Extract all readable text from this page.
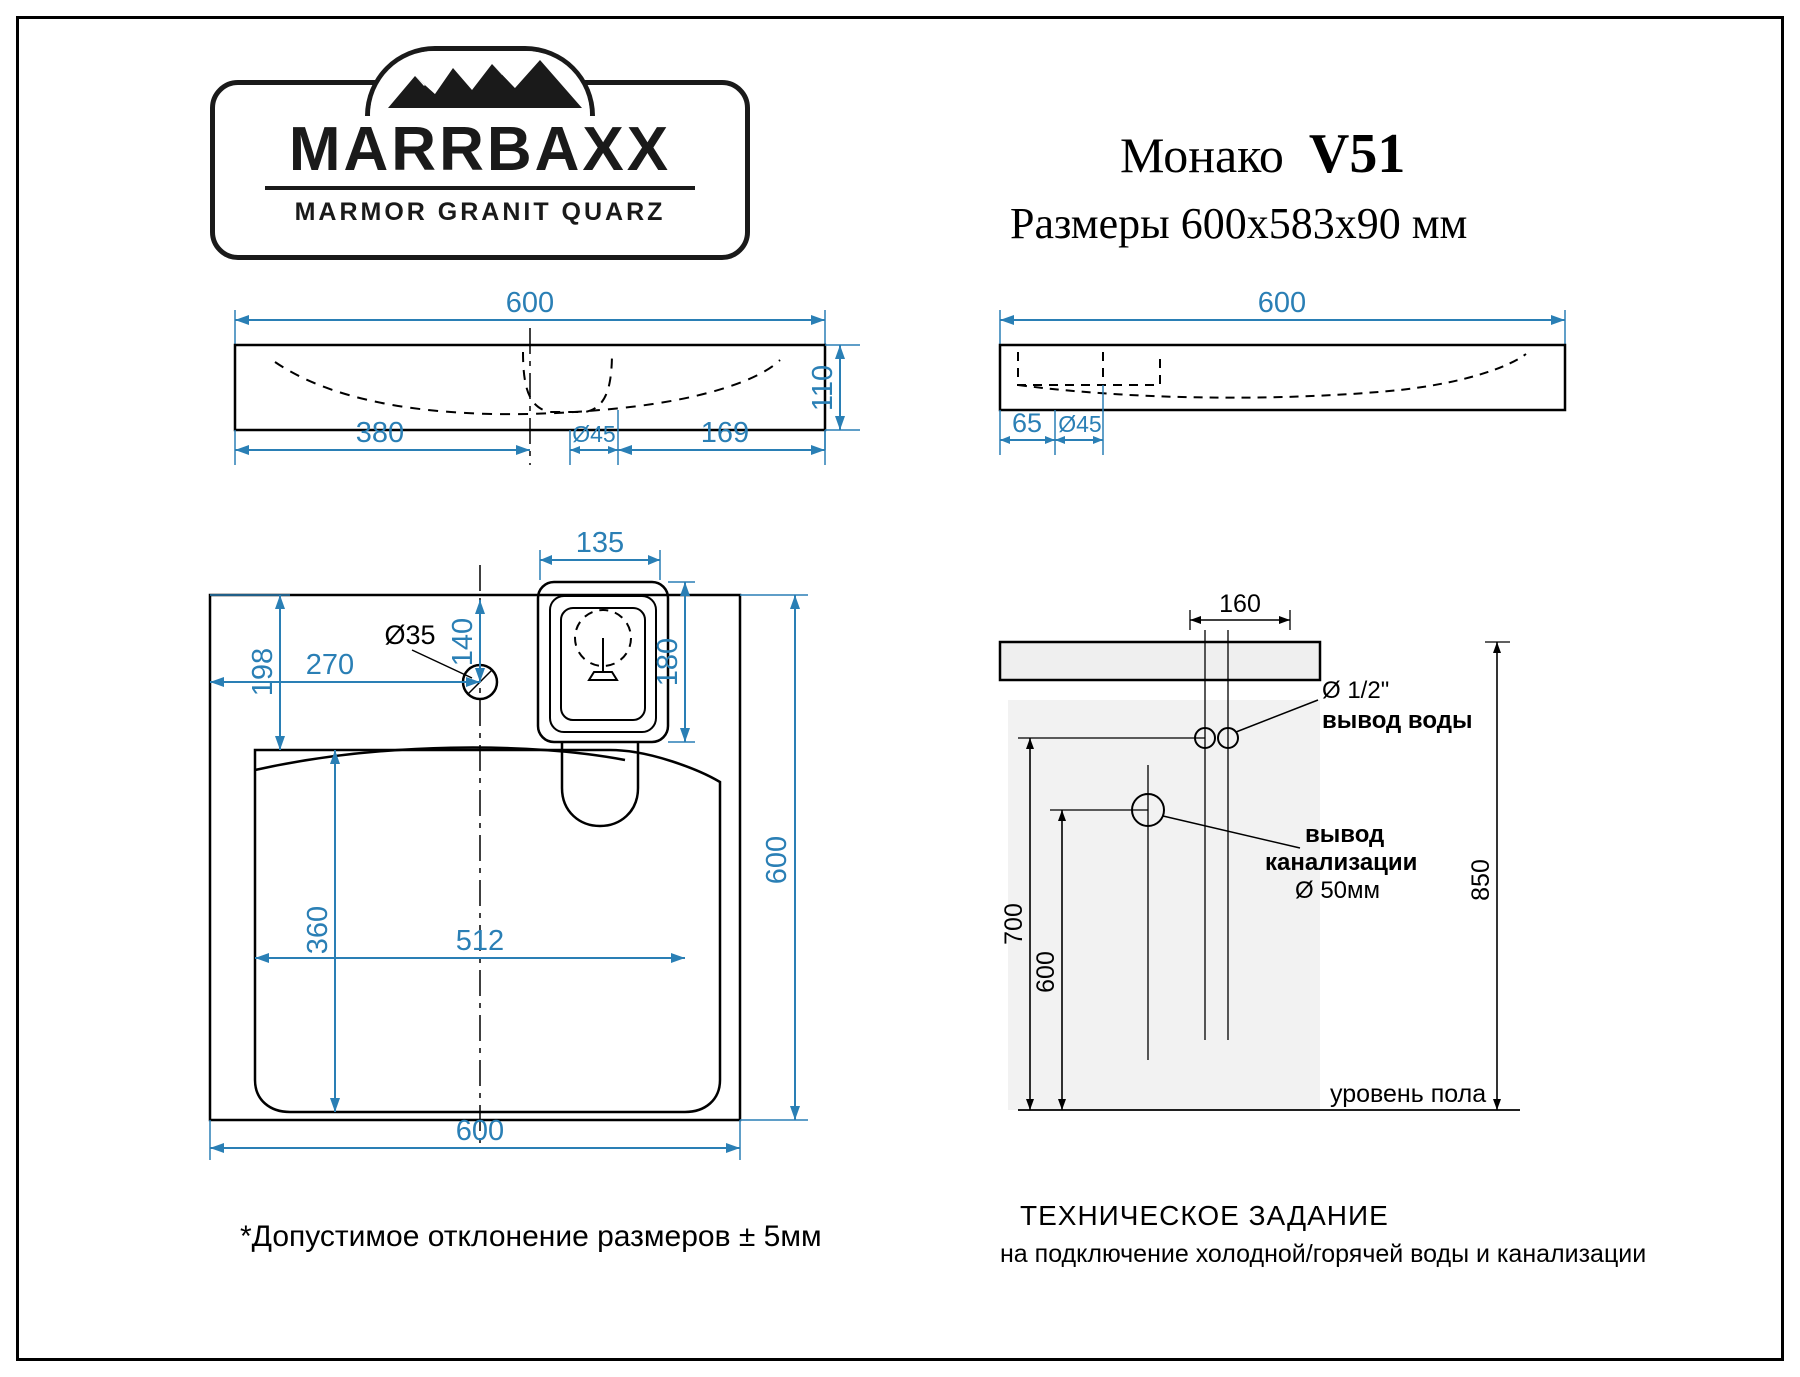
MARRBAXX
MARMOR GRANIT QUARZ
Монако V51
Размеры 600x583x90 мм
600
110
380	Ø45	169
600
65 Ø45
135
Ø35 140
198 270	180
360	512
600
600
160
Ø 1/2"
вывод воды
вывод
канализации
Ø 50мм
700
600
уровень пола
850
*Допустимое отклонение размеров ± 5мм
ТЕХНИЧЕСКОЕ ЗАДАНИЕ
на подключение холодной/горячей воды и канализации
